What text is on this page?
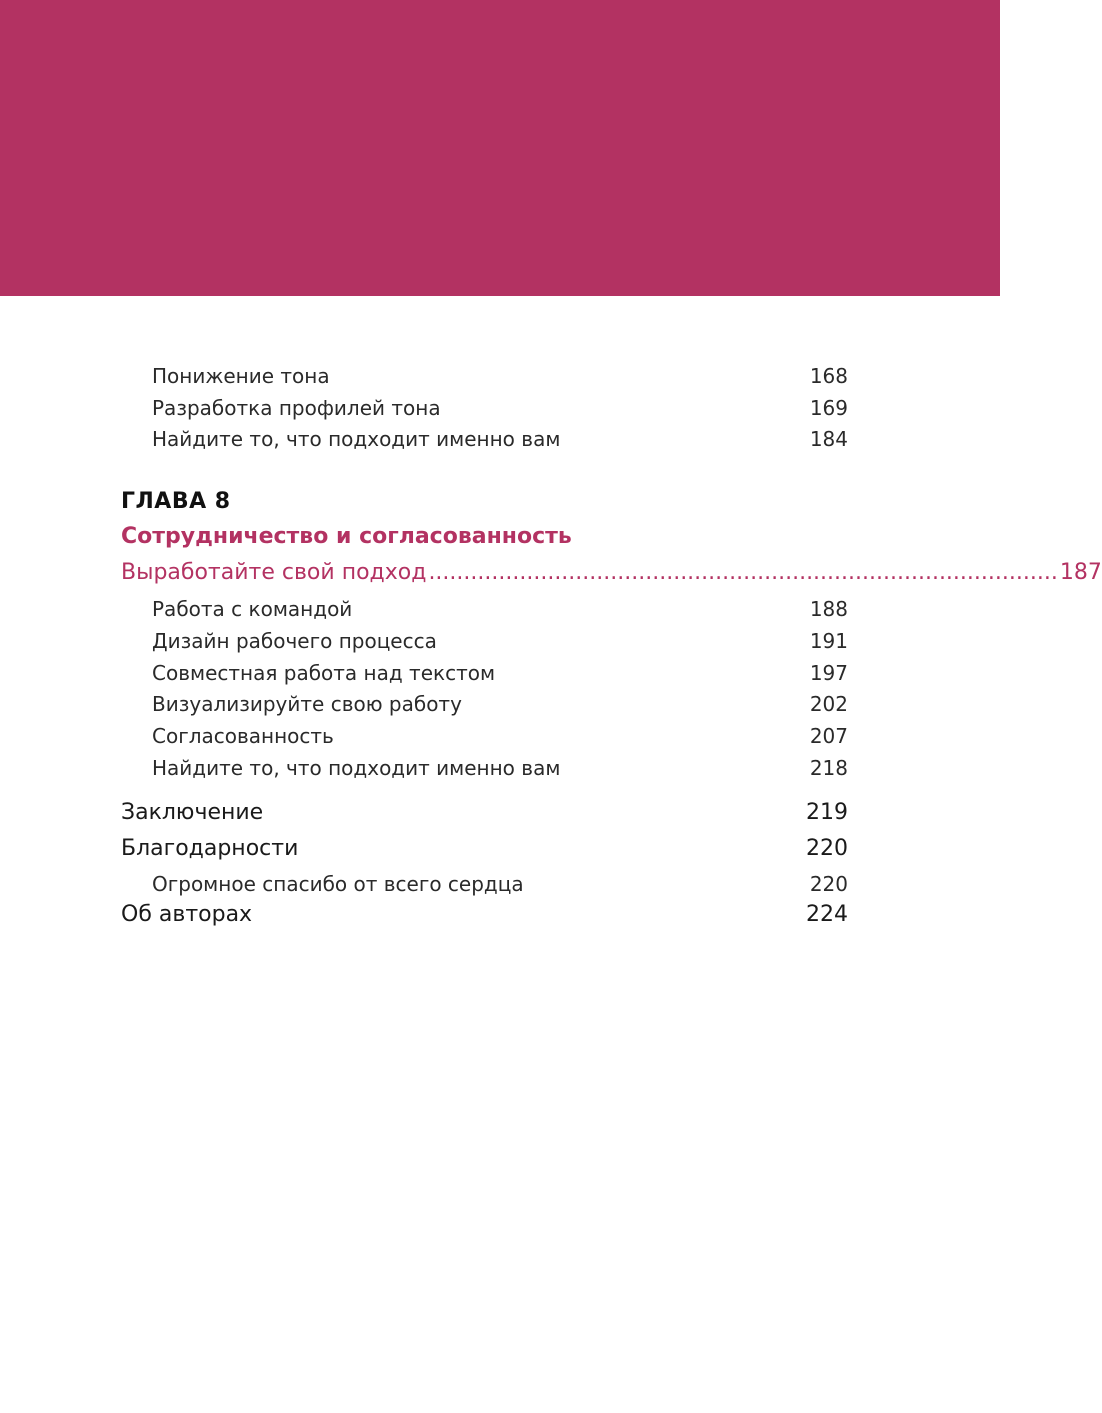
Понижение тона	168
Разработка профилей тона	169
Найдите то, что подходит именно вам	184
ГЛАВА 8
Сотрудничество и согласованность
Выработайте свой подход .......................................................................................... 187
Работа с командой	188
Дизайн рабочего процесса	191
Совместная работа над текстом	197
Визуализируйте свою работу	202
Согласованность	207
Найдите то, что подходит именно вам	218
Заключение	219
Благодарности	220
Огромное спасибо от всего сердца	220
Об авторах	224
